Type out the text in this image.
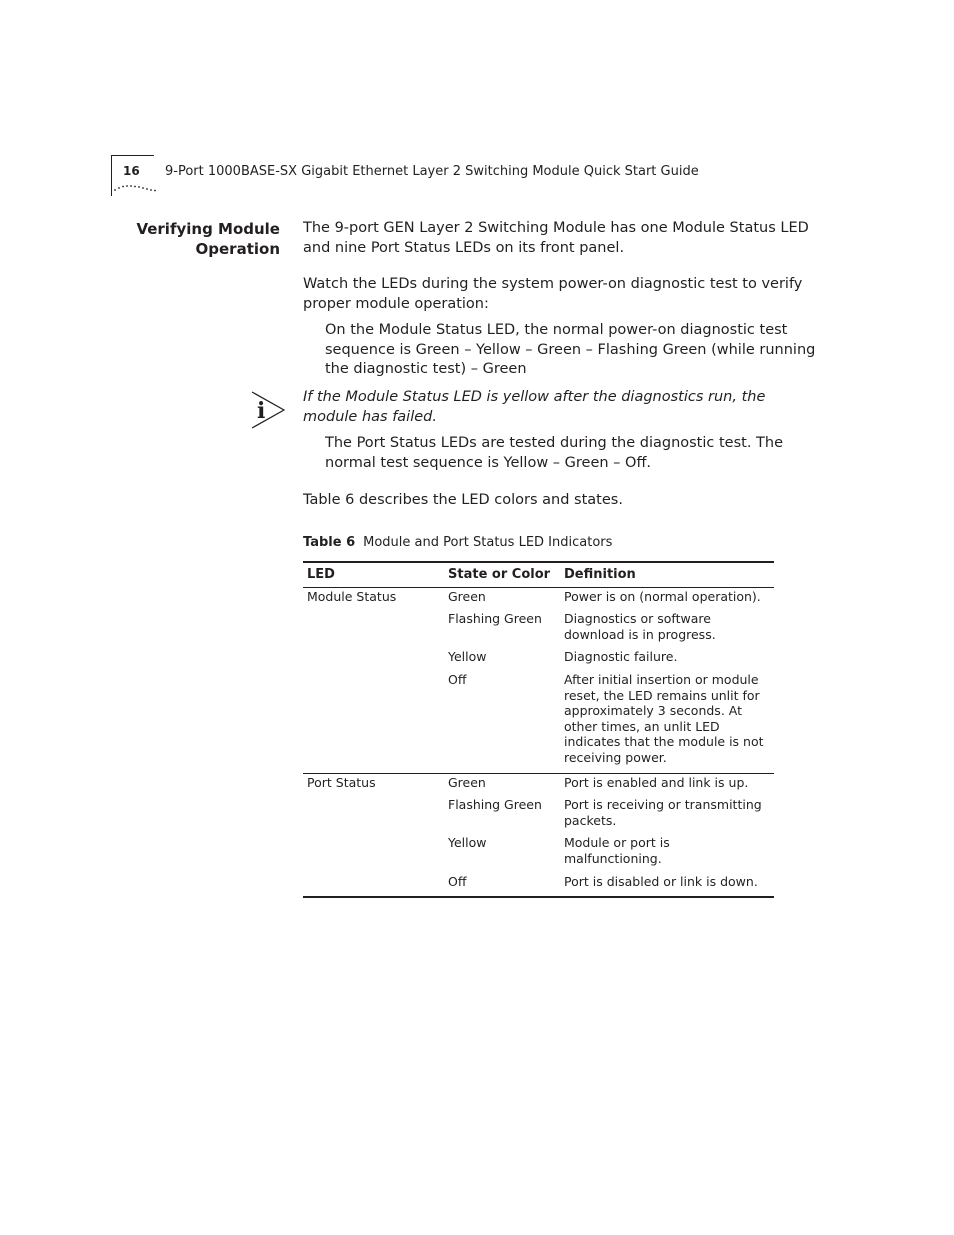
16 9-Port 1000BASE-SX Gigabit Ethernet Layer 2 Switching Module Quick Start Guide
Verifying Module
Operation
The 9-port GEN Layer 2 Switching Module has one Module Status LED and nine Port Status LEDs on its front panel.
Watch the LEDs during the system power-on diagnostic test to verify proper module operation:
On the Module Status LED, the normal power-on diagnostic test sequence is Green – Yellow – Green – Flashing Green (while running the diagnostic test) – Green
i
If the Module Status LED is yellow after the diagnostics run, the module has failed.
The Port Status LEDs are tested during the diagnostic test. The normal test sequence is Yellow – Green – Off.
Table 6 describes the LED colors and states.
Table 6 Module and Port Status LED Indicators
LED	State or Color	Definition
Module Status	Green	Power is on (normal operation).
	Flashing Green	Diagnostics or software download is in progress.
	Yellow	Diagnostic failure.
	Off	After initial insertion or module reset, the LED remains unlit for approximately 3 seconds. At other times, an unlit LED indicates that the module is not receiving power.
Port Status	Green	Port is enabled and link is up.
	Flashing Green	Port is receiving or transmitting packets.
	Yellow	Module or port is malfunctioning.
	Off	Port is disabled or link is down.
